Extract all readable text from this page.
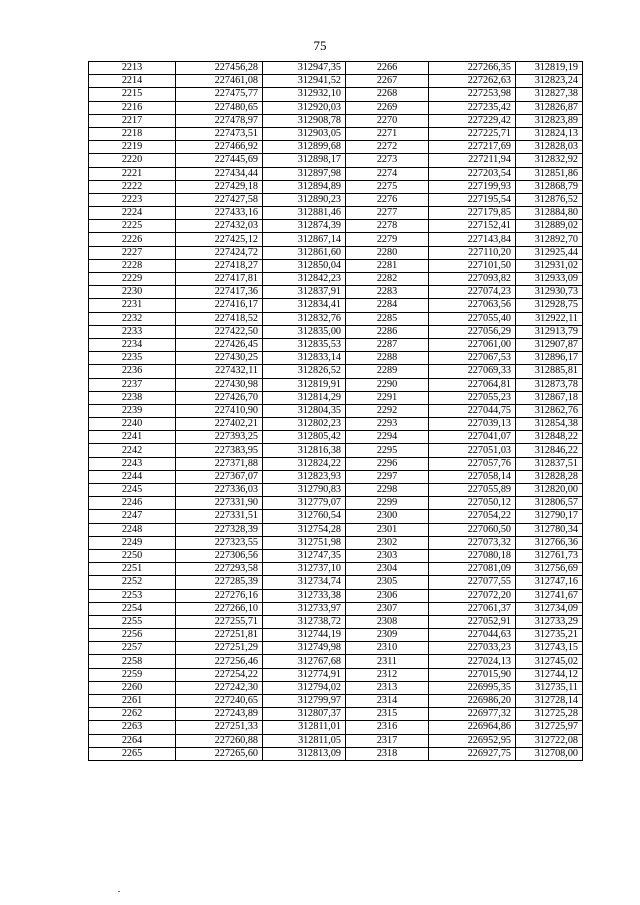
75
2213	227456,28	312947,35	2266	227266,35	312819,19
2214	227461,08	312941,52	2267	227262,63	312823,24
2215	227475,77	312932,10	2268	227253,98	312827,38
2216	227480,65	312920,03	2269	227235,42	312826,87
2217	227478,97	312908,78	2270	227229,42	312823,89
2218	227473,51	312903,05	2271	227225,71	312824,13
2219	227466,92	312899,68	2272	227217,69	312828,03
2220	227445,69	312898,17	2273	227211,94	312832,92
2221	227434,44	312897,98	2274	227203,54	312851,86
2222	227429,18	312894,89	2275	227199,93	312868,79
2223	227427,58	312890,23	2276	227195,54	312876,52
2224	227433,16	312881,46	2277	227179,85	312884,80
2225	227432,03	312874,39	2278	227152,41	312889,02
2226	227425,12	312867,14	2279	227143,84	312892,70
2227	227424,72	312861,60	2280	227110,20	312925,44
2228	227418,27	312850,04	2281	227101,50	312931,02
2229	227417,81	312842,23	2282	227093,82	312933,09
2230	227417,36	312837,91	2283	227074,23	312930,73
2231	227416,17	312834,41	2284	227063,56	312928,75
2232	227418,52	312832,76	2285	227055,40	312922,11
2233	227422,50	312835,00	2286	227056,29	312913,79
2234	227426,45	312835,53	2287	227061,00	312907,87
2235	227430,25	312833,14	2288	227067,53	312896,17
2236	227432,11	312826,52	2289	227069,33	312885,81
2237	227430,98	312819,91	2290	227064,81	312873,78
2238	227426,70	312814,29	2291	227055,23	312867,18
2239	227410,90	312804,35	2292	227044,75	312862,76
2240	227402,21	312802,23	2293	227039,13	312854,38
2241	227393,25	312805,42	2294	227041,07	312848,22
2242	227383,95	312816,38	2295	227051,03	312846,22
2243	227371,88	312824,22	2296	227057,76	312837,51
2244	227367,07	312823,93	2297	227058,14	312828,28
2245	227336,03	312790,83	2298	227055,89	312820,00
2246	227331,90	312779,07	2299	227050,12	312806,57
2247	227331,51	312760,54	2300	227054,22	312790,17
2248	227328,39	312754,28	2301	227060,50	312780,34
2249	227323,55	312751,98	2302	227073,32	312766,36
2250	227306,56	312747,35	2303	227080,18	312761,73
2251	227293,58	312737,10	2304	227081,09	312756,69
2252	227285,39	312734,74	2305	227077,55	312747,16
2253	227276,16	312733,38	2306	227072,20	312741,67
2254	227266,10	312733,97	2307	227061,37	312734,09
2255	227255,71	312738,72	2308	227052,91	312733,29
2256	227251,81	312744,19	2309	227044,63	312735,21
2257	227251,29	312749,98	2310	227033,23	312743,15
2258	227256,46	312767,68	2311	227024,13	312745,02
2259	227254,22	312774,91	2312	227015,90	312744,12
2260	227242,30	312794,02	2313	226995,35	312735,11
2261	227240,65	312799,97	2314	226986,20	312728,14
2262	227243,89	312807,37	2315	226977,32	312725,28
2263	227251,33	312811,01	2316	226964,86	312725,97
2264	227260,88	312811,05	2317	226952,95	312722,08
2265	227265,60	312813,09	2318	226927,75	312708,00
